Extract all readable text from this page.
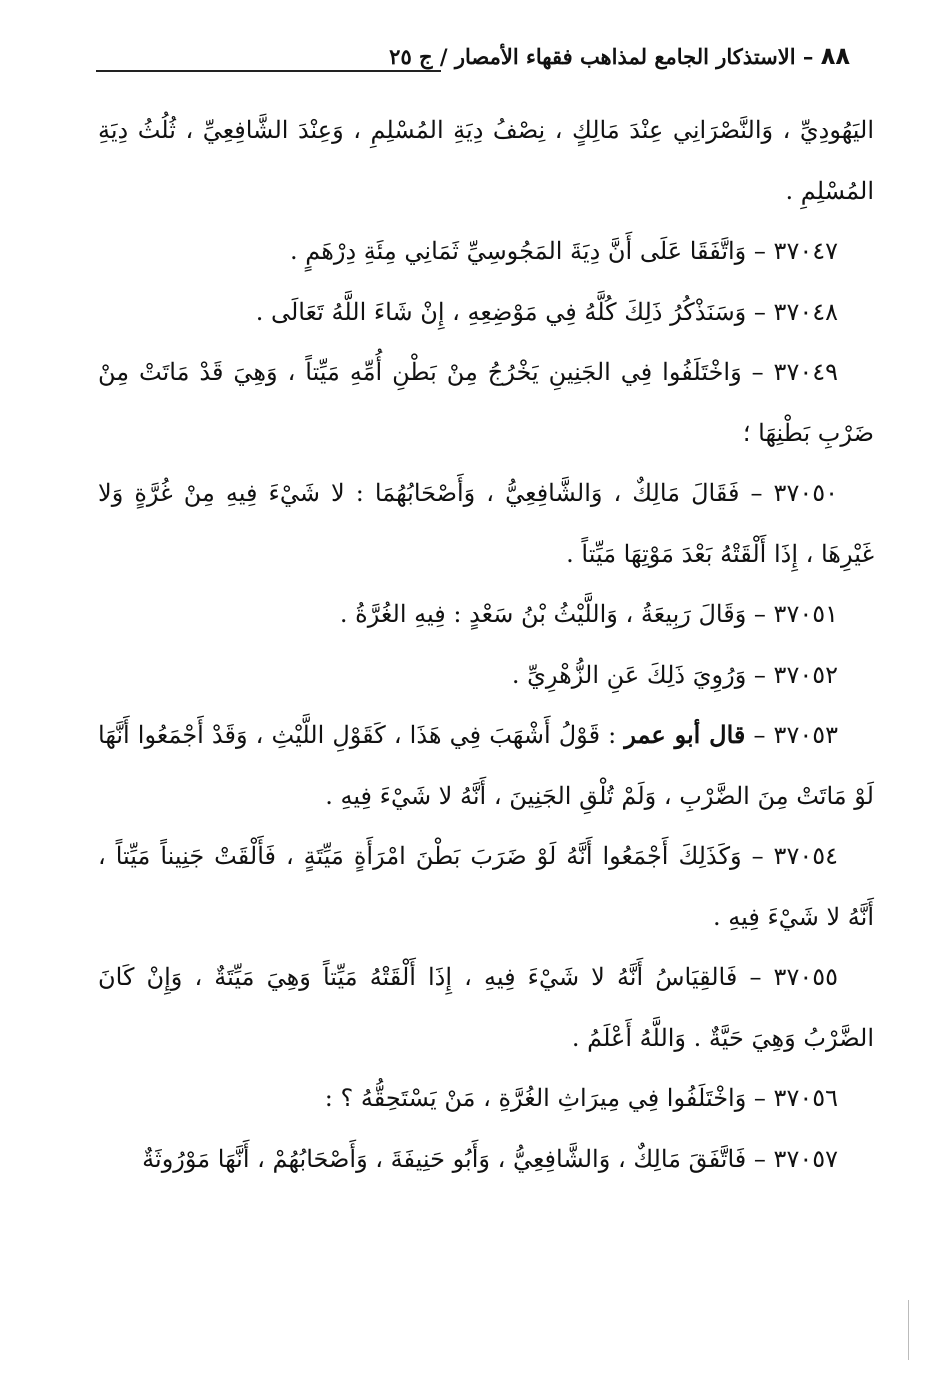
٨٨ – الاستذكار الجامع لمذاهب فقهاء الأمصار / ج ٢٥

اليَهُودِيِّ ، وَالنَّصْرَانِي عِنْدَ مَالِكٍ ، نِصْفُ دِيَةِ المُسْلِمِ ، وَعِنْدَ الشَّافِعِيِّ ، ثُلُثُ دِيَةِ المُسْلِمِ .

٣٧٠٤٧ – وَاتَّفَقَا عَلَى أَنَّ دِيَةَ المَجُوسِيِّ ثَمَانِي مِئَةِ دِرْهَمٍ .

٣٧٠٤٨ – وَسَنَذْكُرُ ذَلِكَ كُلَّهُ فِي مَوْضِعِهِ ، إِنْ شَاءَ اللَّهُ تَعَالَى .

٣٧٠٤٩ – وَاخْتَلَفُوا فِي الجَنِينِ يَخْرُجُ مِنْ بَطْنِ أُمِّهِ مَيِّتاً ، وَهِيَ قَدْ مَاتَتْ مِنْ ضَرْبِ بَطْنِهَا ؛

٣٧٠٥٠ – فَقَالَ مَالِكٌ ، وَالشَّافِعِيُّ ، وَأَصْحَابُهُمَا : لا شَيْءَ فِيهِ مِنْ غُرَّةٍ وَلا غَيْرِهَا ، إِذَا أَلْقَتْهُ بَعْدَ مَوْتِهَا مَيِّتاً .

٣٧٠٥١ – وَقَالَ رَبِيعَةُ ، وَاللَّيْثُ بْنُ سَعْدٍ : فِيهِ الغُرَّةُ .

٣٧٠٥٢ – وَرُوِيَ ذَلِكَ عَنِ الزُّهْرِيِّ .

٣٧٠٥٣ – قال أبو عمر : قَوْلُ أَشْهَبَ فِي هَذَا ، كَقَوْلِ اللَّيْثِ ، وَقَدْ أَجْمَعُوا أَنَّهَا لَوْ مَاتَتْ مِنَ الضَّرْبِ ، وَلَمْ تُلْقِ الجَنِينَ ، أَنَّهُ لا شَيْءَ فِيهِ .

٣٧٠٥٤ – وَكَذَلِكَ أَجْمَعُوا أَنَّهُ لَوْ ضَرَبَ بَطْنَ امْرَأَةٍ مَيِّتَةٍ ، فَأَلْقَتْ جَنِيناً مَيِّتاً ، أَنَّهُ لا شَيْءَ فِيهِ .

٣٧٠٥٥ – فَالقِيَاسُ أَنَّهُ لا شَيْءَ فِيهِ ، إِذَا أَلْقَتْهُ مَيِّتاً وَهِيَ مَيِّتَةٌ ، وَإِنْ كَانَ الضَّرْبُ وَهِيَ حَيَّةٌ . وَاللَّهُ أَعْلَمُ .

٣٧٠٥٦ – وَاخْتَلَفُوا فِي مِيرَاثِ الغُرَّةِ ، مَنْ يَسْتَحِقُّهُ ؟ :

٣٧٠٥٧ – فَاتَّفَقَ مَالِكٌ ، وَالشَّافِعِيُّ ، وَأَبُو حَنِيفَةَ ، وَأَصْحَابُهُمْ ، أَنَّهَا مَوْرُوثَةٌ
